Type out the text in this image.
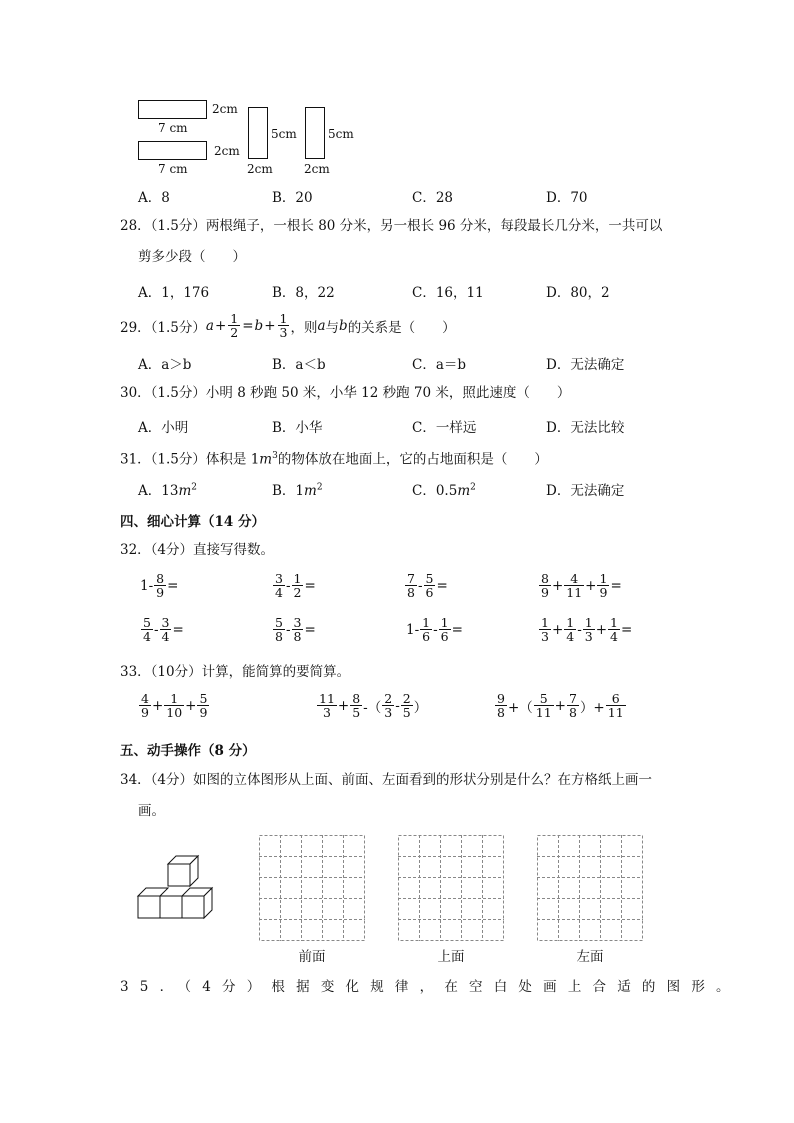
2cm
7 cm
2cm
7 cm
5cm
2cm
5cm
2cm
A．8	B．20	C．28	D．70
28．（1.5分）两根绳子，一根长 80 分米，另一根长 96 分米，每段最长几分米，一共可以
剪多少段（　　）
A．1，176	B．8，22	C．16，11	D．80，2
29．（1.5分） $a + \frac{1}{2} = b + \frac{1}{3}$ ，则 a 与 b 的关系是（　　）
A．a＞b	B．a＜b	C．a＝b	D．无法确定
30．（1.5分）小明 8 秒跑 50 米，小华 12 秒跑 70 米，照此速度（　　）
A．小明	B．小华	C．一样远	D．无法比较
31．（1.5分）体积是 $1m^3$的物体放在地面上，它的占地面积是（　　）
A．$13m^2$	B．$1m^2$	C．$0.5m^2$	D．无法确定
四、细心计算（14 分）
32．（4分）直接写得数。
$1- \frac{8}{9}$ =	$\frac{3}{4} - \frac{1}{2}$ =	$\frac{7}{8} - \frac{5}{6}$ =	$\frac{8}{9} + \frac{4}{11} + \frac{1}{9}$ =
$\frac{5}{4} - \frac{3}{4}$ =	$\frac{5}{8} - \frac{3}{8}$ =	$1- \frac{1}{6} - \frac{1}{6}$ =	$\frac{1}{3} + \frac{1}{4} - \frac{1}{3} + \frac{1}{4}$ =
33．（10分）计算，能简算的要简算。
$\frac{4}{9} + \frac{1}{10} + \frac{5}{9}$	$\frac{11}{3} + \frac{8}{5}$ -（ $\frac{2}{3} - \frac{2}{5}$ ）	$\frac{9}{8}$ +（ $\frac{5}{11} + \frac{7}{8}$ ）+ $\frac{6}{11}$
五、动手操作（8 分）
34．（4分）如图的立体图形从上面、前面、左面看到的形状分别是什么？在方格纸上画一
画。
前面	上面	左面
35．（4分）根据变化规律，在空白处画上合适的图形。
